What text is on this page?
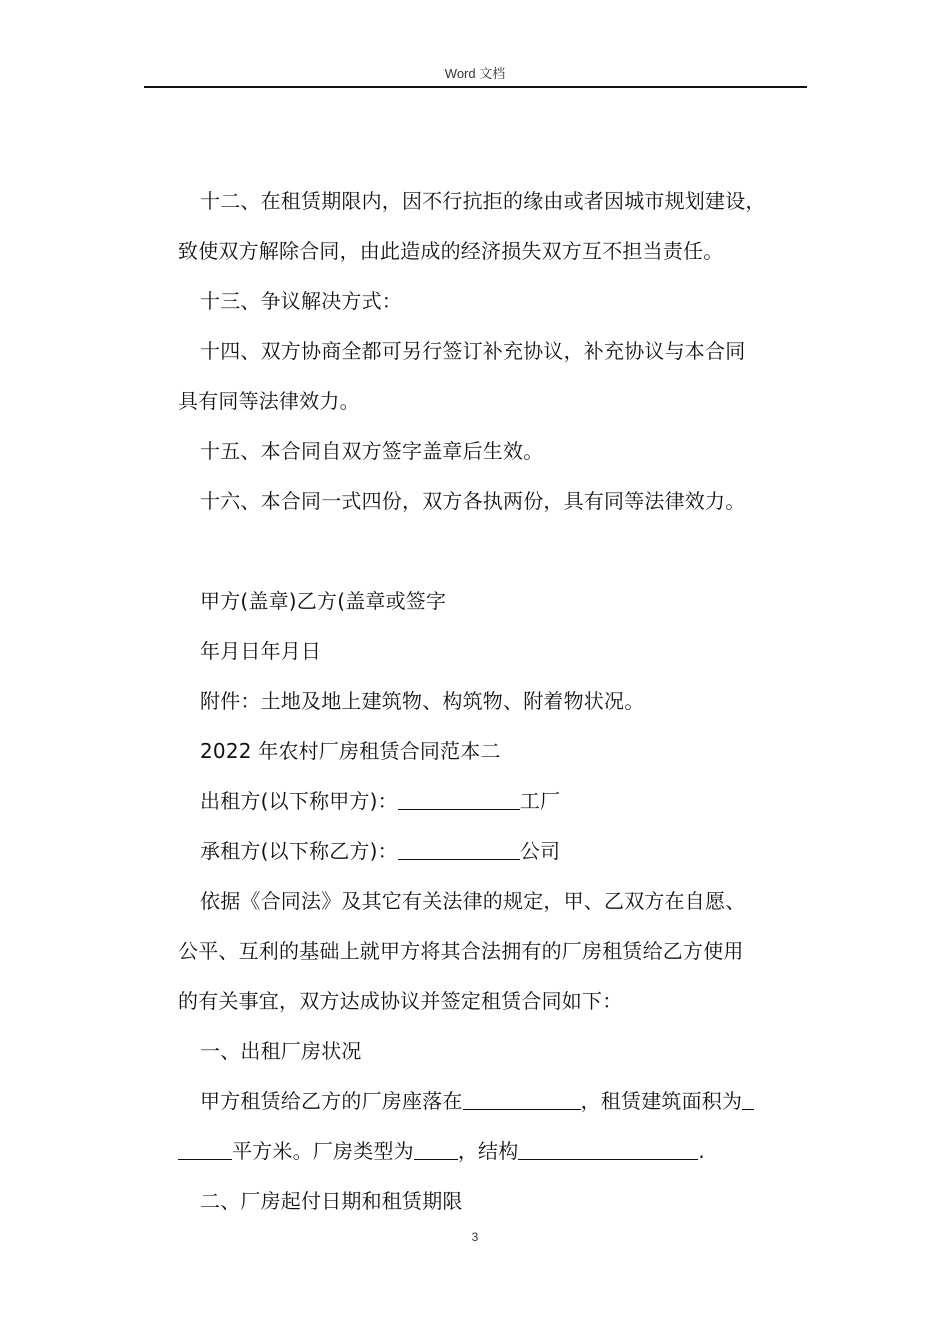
Word 文档
十二、在租赁期限内，因不行抗拒的缘由或者因城市规划建设，
致使双方解除合同，由此造成的经济损失双方互不担当责任。
十三、争议解决方式：
十四、双方协商全都可另行签订补充协议，补充协议与本合同
具有同等法律效力。
十五、本合同自双方签字盖章后生效。
十六、本合同一式四份，双方各执两份，具有同等法律效力。
甲方(盖章)乙方(盖章或签字
年月日年月日
附件：土地及地上建筑物、构筑物、附着物状况。
2022 年农村厂房租赁合同范本二
出租方(以下称甲方)：	工厂
承租方(以下称乙方)：	公司
依据《合同法》及其它有关法律的规定，甲、乙双方在自愿、
公平、互利的基础上就甲方将其合法拥有的厂房租赁给乙方使用
的有关事宜，双方达成协议并签定租赁合同如下：
一、出租厂房状况
甲方租赁给乙方的厂房座落在	，租赁建筑面积为
平方米。厂房类型为 ，结构	.
二、厂房起付日期和租赁期限
3
